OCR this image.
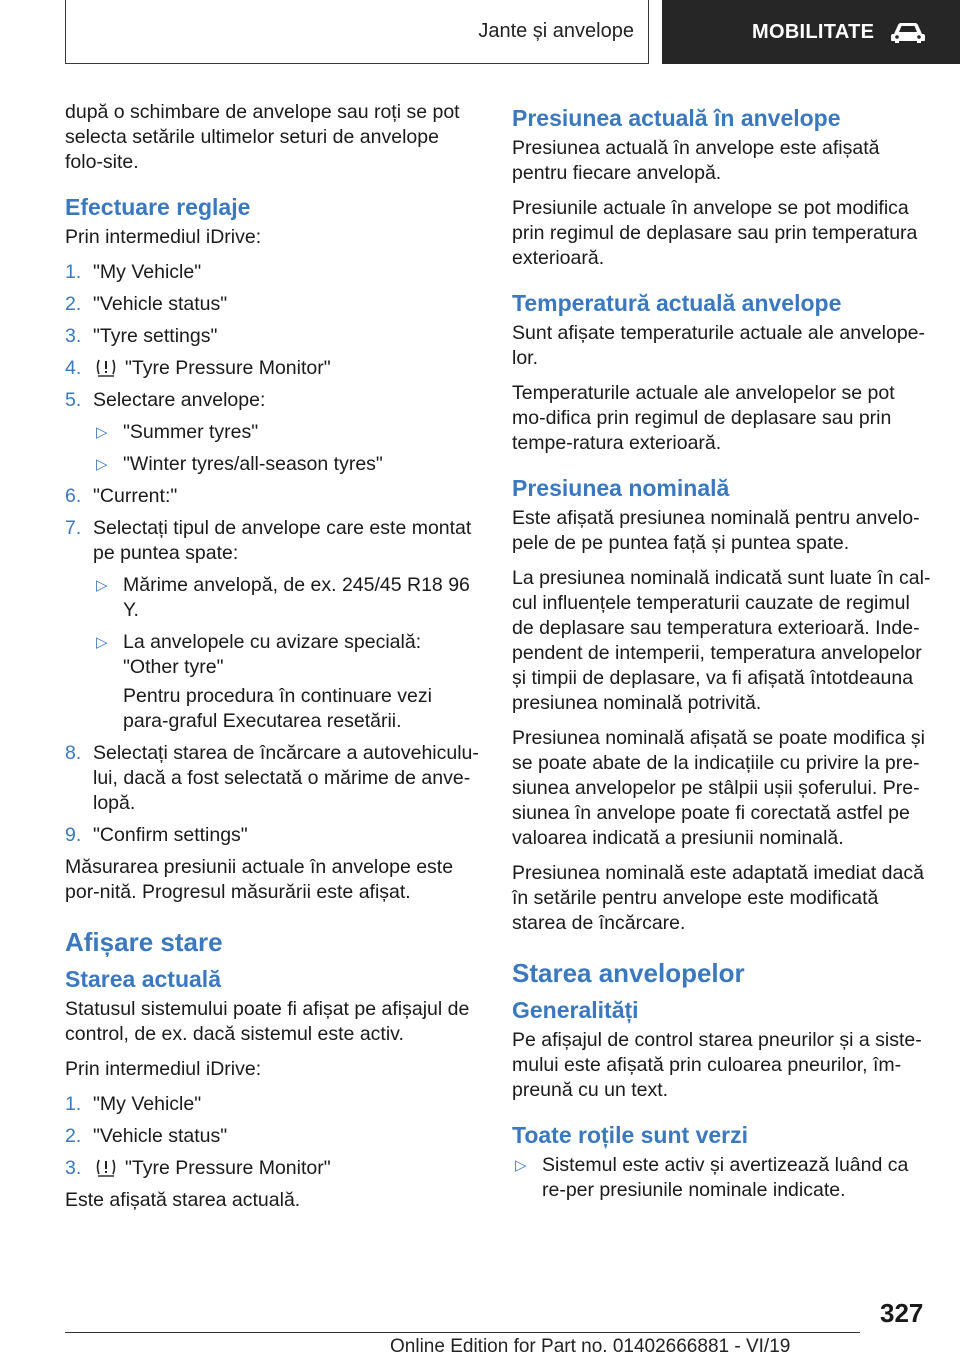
Jante și anvelope	MOBILITATE

după o schimbare de anvelope sau roți se pot selecta setările ultimelor seturi de anvelope folo-site.

Efectuare reglaje

Prin intermediul iDrive:

1. "My Vehicle"
2. "Vehicle status"
3. "Tyre settings"
4. "Tyre Pressure Monitor"
5. Selectare anvelope:
▷ "Summer tyres"
▷ "Winter tyres/all-season tyres"
6. "Current:"
7. Selectați tipul de anvelope care este montat pe puntea spate:
▷ Mărime anvelopă, de ex. 245/45 R18 96 Y.
▷ La anvelopele cu avizare specială: "Other tyre"

Pentru procedura în continuare vezi para-graful Executarea resetării.

8. Selectați starea de încărcare a autovehiculu-lui, dacă a fost selectată o mărime de anve-lopă.
9. "Confirm settings"

Măsurarea presiunii actuale în anvelope este por-nită. Progresul măsurării este afișat.

Afișare stare
Starea actuală

Statusul sistemului poate fi afișat pe afișajul de control, de ex. dacă sistemul este activ.

Prin intermediul iDrive:

1. "My Vehicle"
2. "Vehicle status"
3. "Tyre Pressure Monitor"

Este afișată starea actuală.

Presiunea actuală în anvelope

Presiunea actuală în anvelope este afișată pentru fiecare anvelopă.

Presiunile actuale în anvelope se pot modifica prin regimul de deplasare sau prin temperatura exterioară.

Temperatură actuală anvelope

Sunt afișate temperaturile actuale ale anvelope-lor.

Temperaturile actuale ale anvelopelor se pot mo-difica prin regimul de deplasare sau prin tempe-ratura exterioară.

Presiunea nominală

Este afișată presiunea nominală pentru anvelo-pele de pe puntea față și puntea spate.

La presiunea nominală indicată sunt luate în cal-cul influențele temperaturii cauzate de regimul de deplasare sau temperatura exterioară. Inde-pendent de intemperii, temperatura anvelopelor și timpii de deplasare, va fi afișată întotdeauna presiunea nominală potrivită.

Presiunea nominală afișată se poate modifica și se poate abate de la indicațiile cu privire la pre-siunea anvelopelor pe stâlpii ușii șoferului. Pre-siunea în anvelope poate fi corectată astfel pe valoarea indicată a presiunii nominală.

Presiunea nominală este adaptată imediat dacă în setările pentru anvelope este modificată starea de încărcare.

Starea anvelopelor
Generalități

Pe afișajul de control starea pneurilor și a siste-mului este afișată prin culoarea pneurilor, îm-preună cu un text.

Toate roțile sunt verzi
▷ Sistemul este activ și avertizează luând ca re-per presiunile nominale indicate.
327
Online Edition for Part no. 01402666881 - VI/19
